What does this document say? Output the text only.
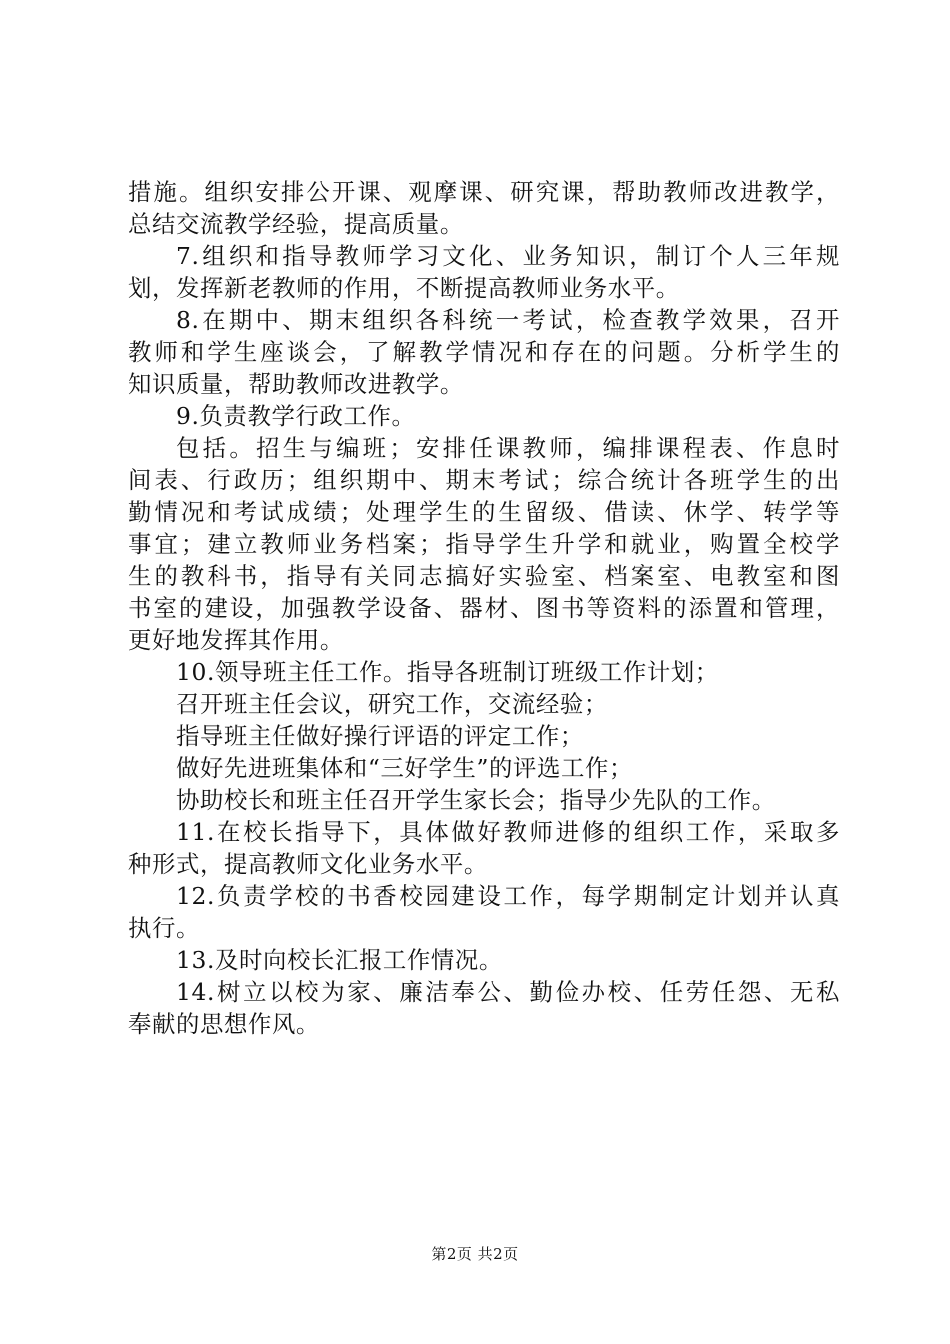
措施。组织安排公开课、观摩课、研究课，帮助教师改进教学，
总结交流教学经验，提高质量。
7.组织和指导教师学习文化、业务知识，制订个人三年规
划，发挥新老教师的作用，不断提高教师业务水平。
8.在期中、期末组织各科统一考试，检查教学效果，召开
教师和学生座谈会，了解教学情况和存在的问题。分析学生的
知识质量，帮助教师改进教学。
9.负责教学行政工作。
包括。招生与编班；安排任课教师，编排课程表、作息时
间表、行政历；组织期中、期末考试；综合统计各班学生的出
勤情况和考试成绩；处理学生的生留级、借读、休学、转学等
事宜；建立教师业务档案；指导学生升学和就业，购置全校学
生的教科书，指导有关同志搞好实验室、档案室、电教室和图
书室的建设，加强教学设备、器材、图书等资料的添置和管理，
更好地发挥其作用。
10.领导班主任工作。指导各班制订班级工作计划；
召开班主任会议，研究工作，交流经验；
指导班主任做好操行评语的评定工作；
做好先进班集体和“三好学生”的评选工作；
协助校长和班主任召开学生家长会；指导少先队的工作。
11.在校长指导下，具体做好教师进修的组织工作，采取多
种形式，提高教师文化业务水平。
12.负责学校的书香校园建设工作，每学期制定计划并认真
执行。
13.及时向校长汇报工作情况。
14.树立以校为家、廉洁奉公、勤俭办校、任劳任怨、无私
奉献的思想作风。
第2页 共2页
